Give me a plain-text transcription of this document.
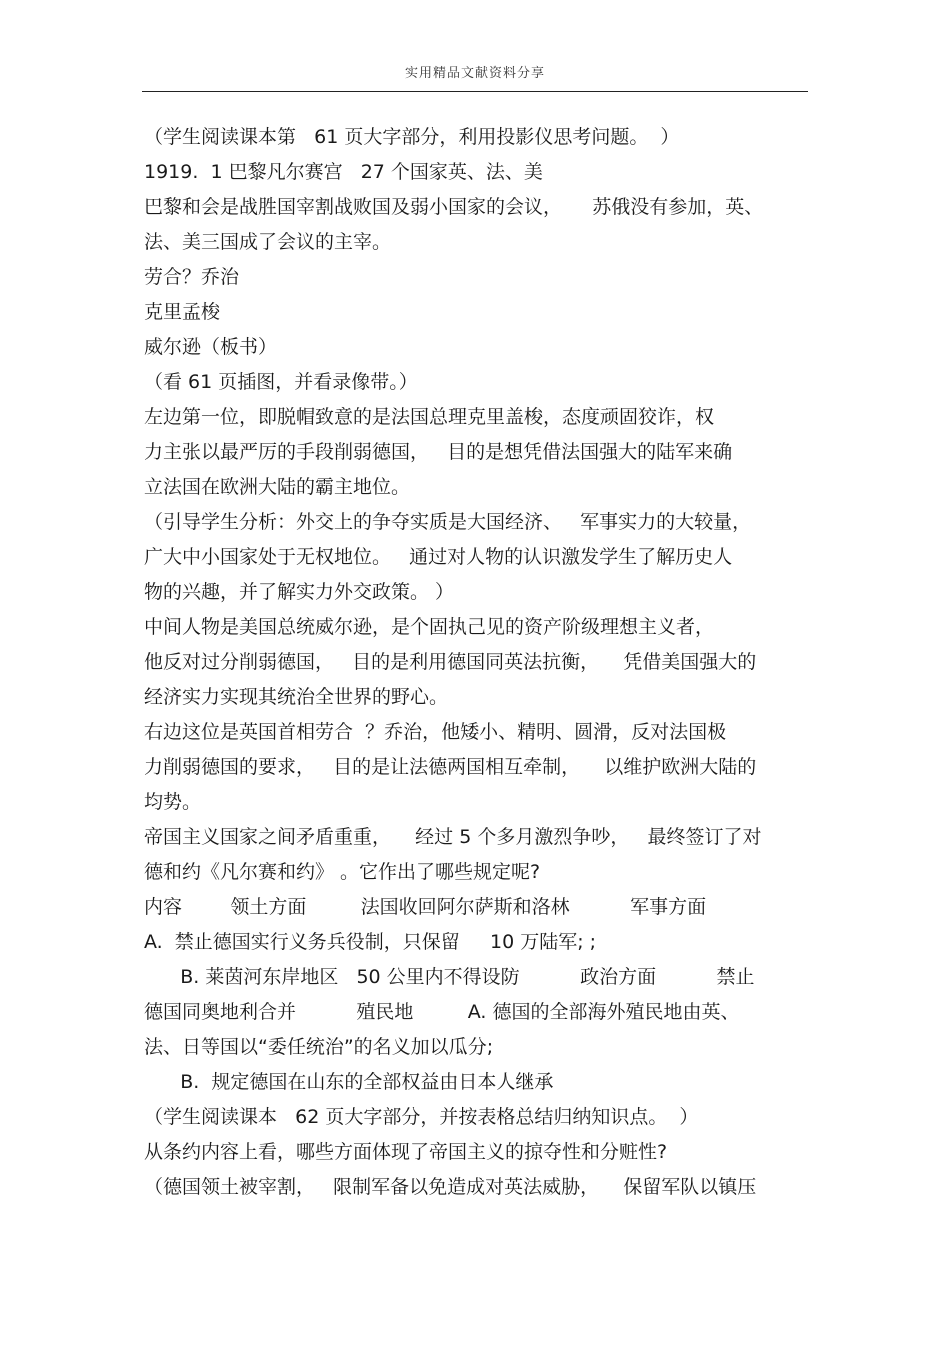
实用精品文献资料分享
（学生阅读课本第   61 页大字部分，利用投影仪思考问题。  ）
1919.  1 巴黎凡尔赛宫   27 个国家英、法、美
巴黎和会是战胜国宰割战败国及弱小国家的会议，     苏俄没有参加，英、
法、美三国成了会议的主宰。
劳合？乔治
克里孟梭
威尔逊（板书）
（看 61 页插图，并看录像带。）
左边第一位，即脱帽致意的是法国总理克里盖梭，态度顽固狡诈，权
力主张以最严厉的手段削弱德国，   目的是想凭借法国强大的陆军来确
立法国在欧洲大陆的霸主地位。
（引导学生分析：外交上的争夺实质是大国经济、   军事实力的大较量，
广大中小国家处于无权地位。   通过对人物的认识激发学生了解历史人
物的兴趣，并了解实力外交政策。 ）
中间人物是美国总统威尔逊，是个固执己见的资产阶级理想主义者，
他反对过分削弱德国，   目的是利用德国同英法抗衡，    凭借美国强大的
经济实力实现其统治全世界的野心。
右边这位是英国首相劳合  ？乔治，他矮小、精明、圆滑，反对法国极
力削弱德国的要求，   目的是让法德两国相互牵制，    以维护欧洲大陆的
均势。
帝国主义国家之间矛盾重重，    经过 5 个多月激烈争吵，   最终签订了对
德和约《凡尔赛和约》 。它作出了哪些规定呢?
内容        领土方面         法国收回阿尔萨斯和洛林          军事方面
A.  禁止德国实行义务兵役制，只保留     10 万陆军; ;
B. 莱茵河东岸地区   50 公里内不得设防          政治方面          禁止
德国同奥地利合并          殖民地         A. 德国的全部海外殖民地由英、
法、日等国以“委任统治”的名义加以瓜分;
B.  规定德国在山东的全部权益由日本人继承
（学生阅读课本   62 页大字部分，并按表格总结归纳知识点。  ）
从条约内容上看，哪些方面体现了帝国主义的掠夺性和分赃性?
（德国领土被宰割，   限制军备以免造成对英法威胁，    保留军队以镇压
